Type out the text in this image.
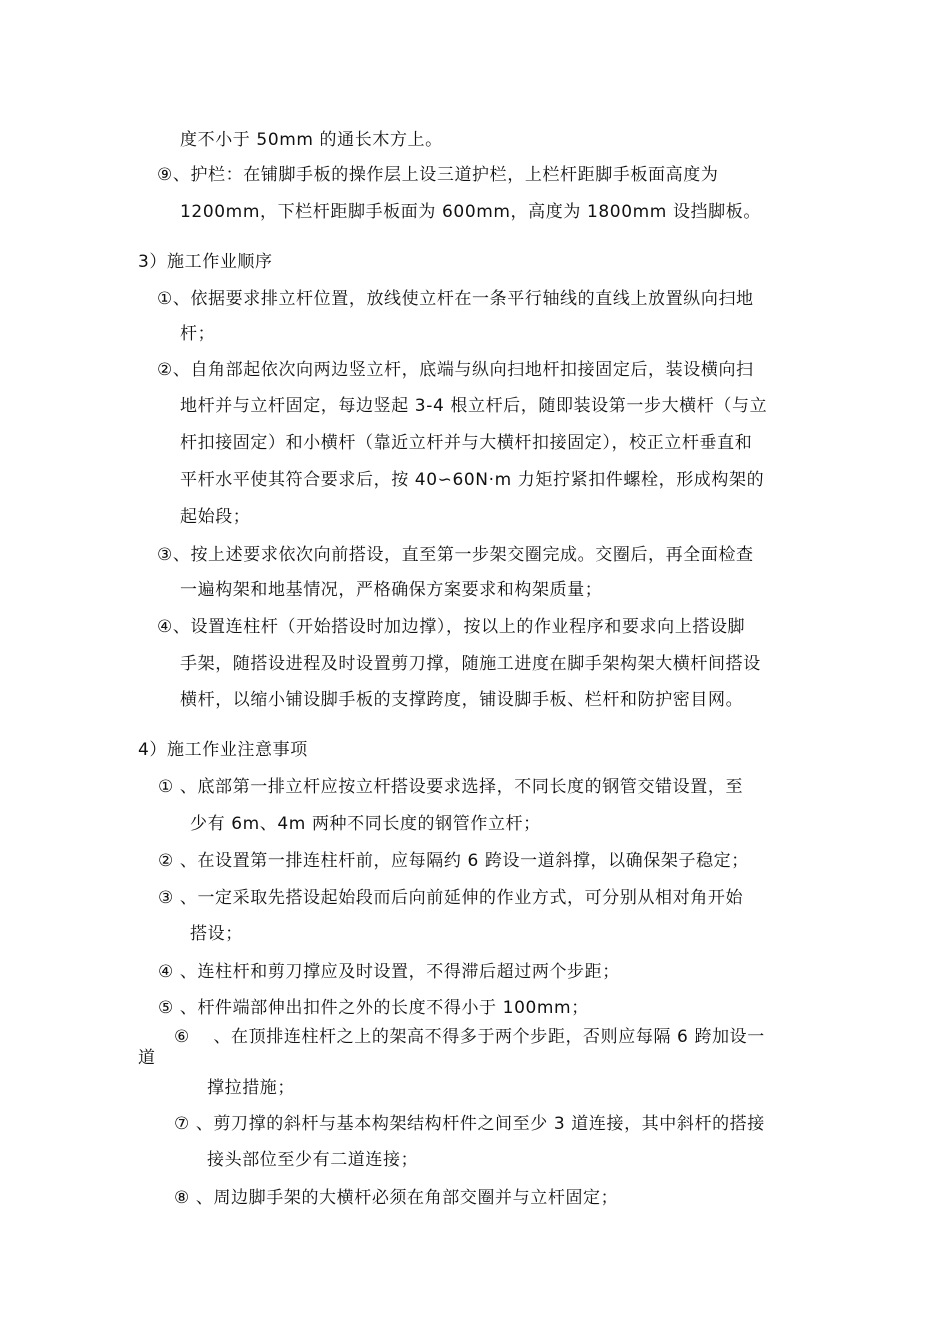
度不小于 50mm 的通长木方上。
⑨、护栏：在铺脚手板的操作层上设三道护栏，上栏杆距脚手板面高度为
1200mm，下栏杆距脚手板面为 600mm，高度为 1800mm 设挡脚板。
3）施工作业顺序
①、依据要求排立杆位置，放线使立杆在一条平行轴线的直线上放置纵向扫地
杆；
②、自角部起依次向两边竖立杆，底端与纵向扫地杆扣接固定后，装设横向扫
地杆并与立杆固定，每边竖起 3-4 根立杆后，随即装设第一步大横杆（与立
杆扣接固定）和小横杆（靠近立杆并与大横杆扣接固定），校正立杆垂直和
平杆水平使其符合要求后，按 40∽60N·m 力矩拧紧扣件螺栓，形成构架的
起始段；
③、按上述要求依次向前搭设，直至第一步架交圈完成。交圈后，再全面检查
一遍构架和地基情况，严格确保方案要求和构架质量；
④、设置连柱杆（开始搭设时加边撑），按以上的作业程序和要求向上搭设脚
手架，随搭设进程及时设置剪刀撑，随施工进度在脚手架构架大横杆间搭设
横杆，以缩小铺设脚手板的支撑跨度，铺设脚手板、栏杆和防护密目网。
4）施工作业注意事项
① 、底部第一排立杆应按立杆搭设要求选择，不同长度的钢管交错设置，至
少有 6m、4m 两种不同长度的钢管作立杆；
② 、在设置第一排连柱杆前，应每隔约 6 跨设一道斜撑，以确保架子稳定；
③ 、一定采取先搭设起始段而后向前延伸的作业方式，可分别从相对角开始
搭设；
④ 、连柱杆和剪刀撑应及时设置，不得滞后超过两个步距；
⑤ 、杆件端部伸出扣件之外的长度不得小于 100mm；
⑥　 、在顶排连柱杆之上的架高不得多于两个步距，否则应每隔 6 跨加设一
道
撑拉措施；
⑦ 、剪刀撑的斜杆与基本构架结构杆件之间至少 3 道连接，其中斜杆的搭接
接头部位至少有二道连接；
⑧ 、周边脚手架的大横杆必须在角部交圈并与立杆固定；
